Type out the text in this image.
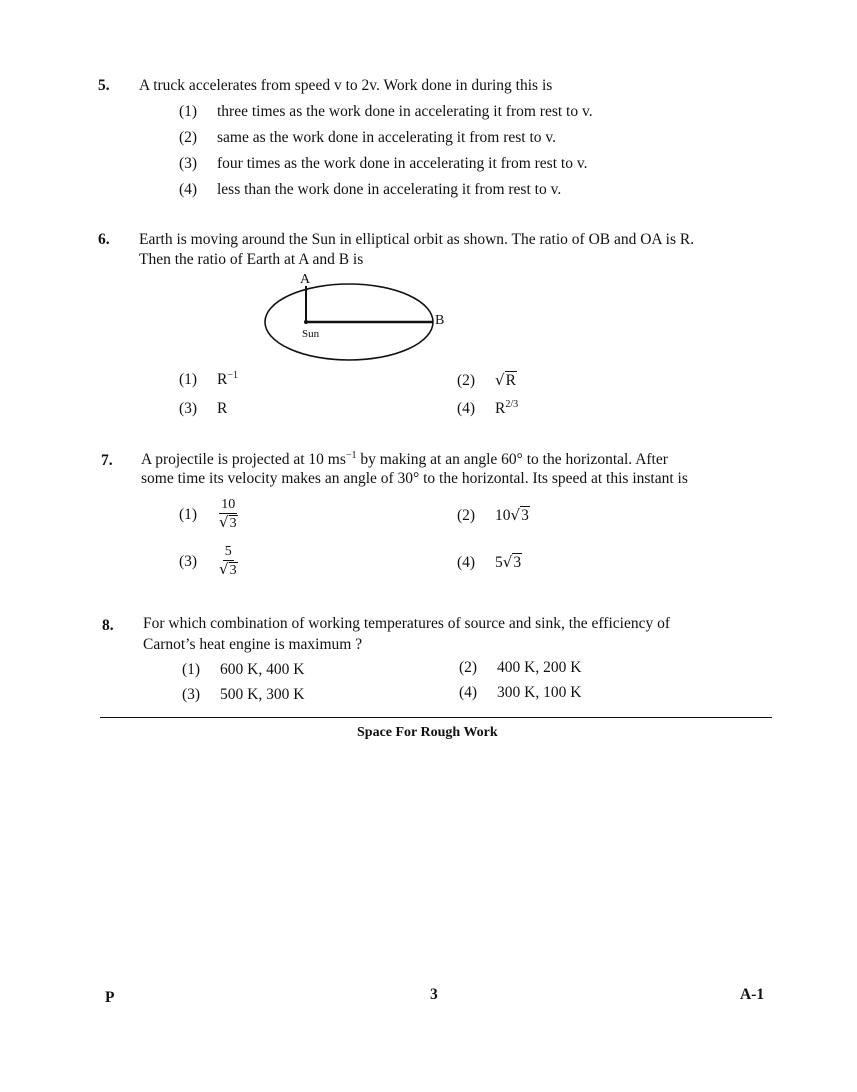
5. A truck accelerates from speed v to 2v. Work done in during this is
(1) three times as the work done in accelerating it from rest to v.
(2) same as the work done in accelerating it from rest to v.
(3) four times as the work done in accelerating it from rest to v.
(4) less than the work done in accelerating it from rest to v.
6. Earth is moving around the Sun in elliptical orbit as shown. The ratio of OB and OA is R.
Then the ratio of Earth at A and B is
A
B
Sun
(1) $R^{-1}$	(2) √R
(3) R	(4) $R^{2/3}$
7. A projectile is projected at 10 $ms^{-1}$ by making at an angle 60° to the horizontal. After
some time its velocity makes an angle of 30° to the horizontal. Its speed at this instant is
$(1) \frac{10}{√3}$	(2) 10√3
$(3) \frac{5}{√3}$	(4) 5√3
8. For which combination of working temperatures of source and sink, the efficiency of
Carnot’s heat engine is maximum ?
(1) 600 K, 400 K	(2) 400 K, 200 K
(3) 500 K, 300 K	(4) 300 K, 100 K
Space For Rough Work
P	3	A-1
